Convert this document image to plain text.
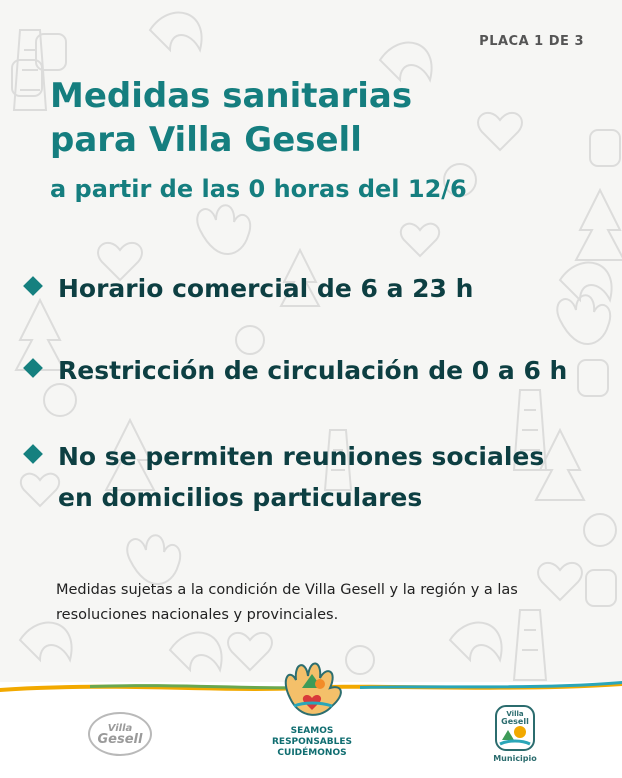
PLACA 1 DE 3
Medidas sanitarias
para Villa Gesell
a partir de las 0 horas del 12/6
Horario comercial de 6 a 23 h
Restricción de circulación de 0 a 6 h
No se permiten reuniones sociales en domicilios particulares
Medidas sujetas a la condición de Villa Gesell y la región y a las resoluciones nacionales y provinciales.
Villa
Gesell
SEAMOS RESPONSABLES
CUIDÉMONOS
Villa
Gesell
Municipio
